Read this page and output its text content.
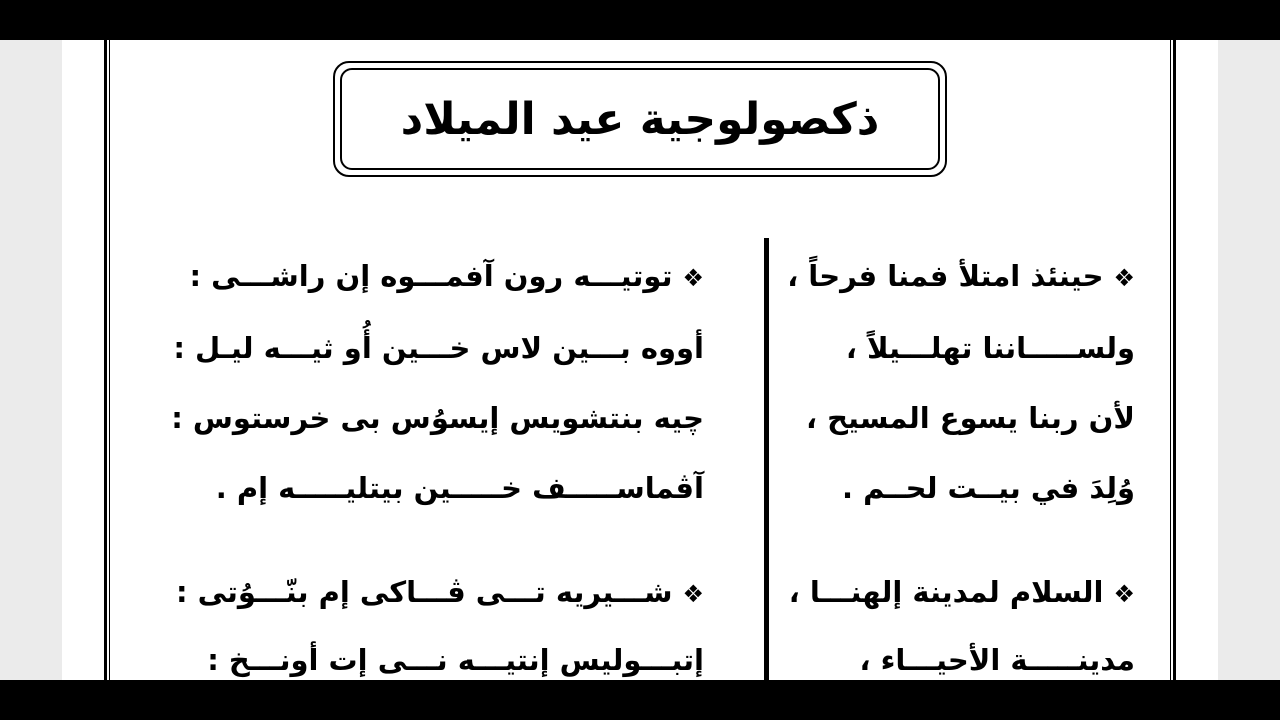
ذكصولوجية عيد الميلاد
❖حينئذ امتلأ فمنا فرحاً ،
ولســـــاننا تهلـــيلاً ،
لأن ربنا يسوع المسيح ،
وُلِدَ في بيــت لحــم .
❖توتيـــه رون آفمـــوه إن راشـــى :
أووه بـــين لاس خـــين أُو ثيـــه ليـل :
چيه بنتشويس إيسوُس بى خرستوس :
آڤماســـــف خـــــين بيتليـــــه إم .
❖السلام لمدينة إلهنـــا ،
مدينـــــة الأحيـــاء ،
❖شـــيريه تـــى ڤـــاكى إم بنّـــوُتى :
إتبـــوليس إنتيـــه نـــى إت أونـــخ :
